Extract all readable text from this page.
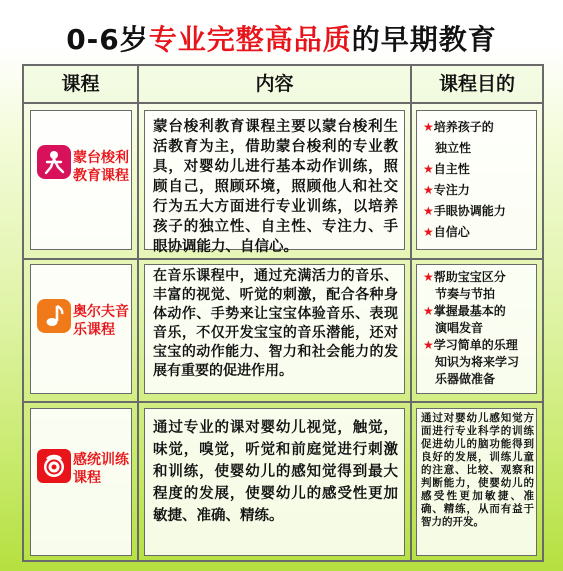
0-6岁专业完整高品质的早期教育
课程	内容	课程目的
蒙台梭利
教育课程
蒙台梭利教育课程主要以蒙台梭利生活教育为主，借助蒙台梭利的专业教具，对婴幼儿进行基本动作训练，照顾自己，照顾环境，照顾他人和社交行为五大方面进行专业训练，以培养孩子的独立性、自主性、专注力、手眼协调能力、自信心。
★培养孩子的
独立性
★自主性
★专注力
★手眼协调能力
★自信心
奥尔夫音
乐课程
在音乐课程中，通过充满活力的音乐、丰富的视觉、听觉的刺激，配合各种身体动作、手势来让宝宝体验音乐、表现音乐，不仅开发宝宝的音乐潜能，还对宝宝的动作能力、智力和社会能力的发展有重要的促进作用。
★帮助宝宝区分
节奏与节拍
★掌握最基本的
演唱发音
★学习简单的乐理
知识为将来学习
乐器做准备
感统训练
课程
通过专业的课对婴幼儿视觉，触觉，味觉，嗅觉，听觉和前庭觉进行刺激和训练，使婴幼儿的感知觉得到最大程度的发展，使婴幼儿的感受性更加敏捷、准确、精练。
通过对婴幼儿感知觉方面进行专业科学的训练促进幼儿的脑功能得到良好的发展，训练儿童的注意、比较、观察和判断能力，使婴幼儿的感受性更加敏捷、准确、精练，从而有益于智力的开发。
